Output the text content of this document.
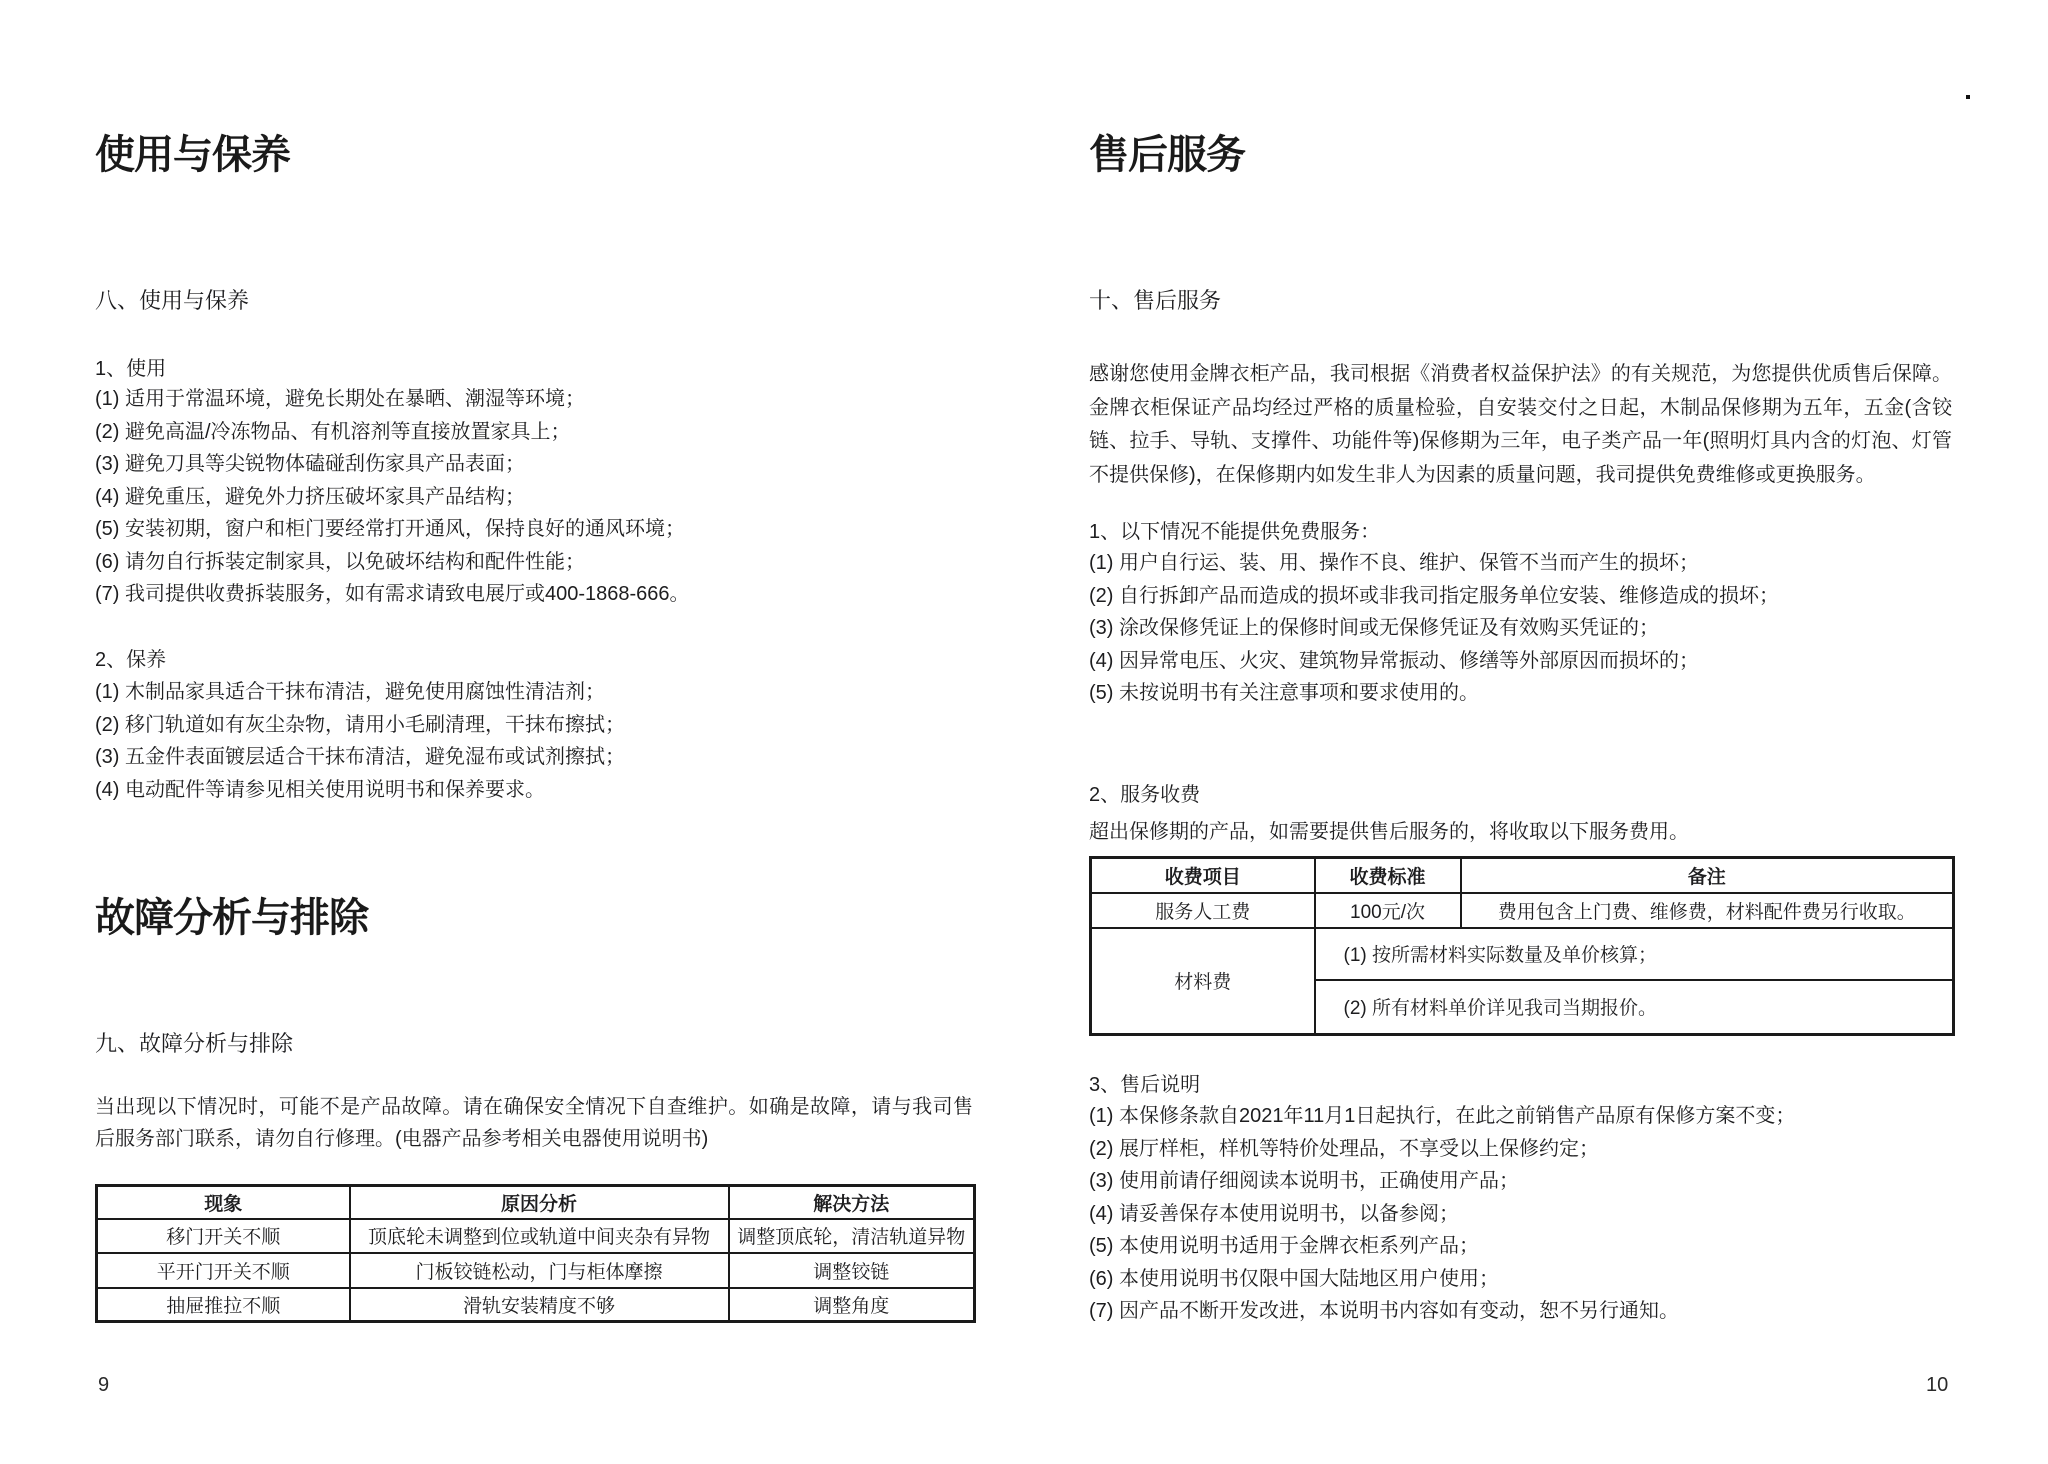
使用与保养
八、使用与保养
1、使用
(1) 适用于常温环境，避免长期处在暴晒、潮湿等环境；
(2) 避免高温/冷冻物品、有机溶剂等直接放置家具上；
(3) 避免刀具等尖锐物体磕碰刮伤家具产品表面；
(4) 避免重压，避免外力挤压破坏家具产品结构；
(5) 安装初期，窗户和柜门要经常打开通风，保持良好的通风环境；
(6) 请勿自行拆装定制家具，以免破坏结构和配件性能；
(7) 我司提供收费拆装服务，如有需求请致电展厅或400-1868-666。
2、保养
(1) 木制品家具适合干抹布清洁，避免使用腐蚀性清洁剂；
(2) 移门轨道如有灰尘杂物，请用小毛刷清理，干抹布擦拭；
(3) 五金件表面镀层适合干抹布清洁，避免湿布或试剂擦拭；
(4) 电动配件等请参见相关使用说明书和保养要求。
故障分析与排除
九、故障分析与排除
当出现以下情况时，可能不是产品故障。请在确保安全情况下自查维护。如确是故障，请与我司售后服务部门联系，请勿自行修理。(电器产品参考相关电器使用说明书)
现象	原因分析	解决方法
移门开关不顺	顶底轮未调整到位或轨道中间夹杂有异物	调整顶底轮，清洁轨道异物
平开门开关不顺	门板铰链松动，门与柜体摩擦	调整铰链
抽屉推拉不顺	滑轨安装精度不够	调整角度
9
售后服务
十、售后服务
感谢您使用金牌衣柜产品，我司根据《消费者权益保护法》的有关规范，为您提供优质售后保障。金牌衣柜保证产品均经过严格的质量检验，自安装交付之日起，木制品保修期为五年，五金(含铰链、拉手、导轨、支撑件、功能件等)保修期为三年，电子类产品一年(照明灯具内含的灯泡、灯管不提供保修)，在保修期内如发生非人为因素的质量问题，我司提供免费维修或更换服务。
1、以下情况不能提供免费服务：
(1) 用户自行运、装、用、操作不良、维护、保管不当而产生的损坏；
(2) 自行拆卸产品而造成的损坏或非我司指定服务单位安装、维修造成的损坏；
(3) 涂改保修凭证上的保修时间或无保修凭证及有效购买凭证的；
(4) 因异常电压、火灾、建筑物异常振动、修缮等外部原因而损坏的；
(5) 未按说明书有关注意事项和要求使用的。
2、服务收费
超出保修期的产品，如需要提供售后服务的，将收取以下服务费用。
收费项目	收费标准	备注
服务人工费	100元/次	费用包含上门费、维修费，材料配件费另行收取。
材料费	(1) 按所需材料实际数量及单价核算；	
	(2) 所有材料单价详见我司当期报价。	
3、售后说明
(1) 本保修条款自2021年11月1日起执行，在此之前销售产品原有保修方案不变；
(2) 展厅样柜，样机等特价处理品，不享受以上保修约定；
(3) 使用前请仔细阅读本说明书，正确使用产品；
(4) 请妥善保存本使用说明书，以备参阅；
(5) 本使用说明书适用于金牌衣柜系列产品；
(6) 本使用说明书仅限中国大陆地区用户使用；
(7) 因产品不断开发改进，本说明书内容如有变动，恕不另行通知。
10
